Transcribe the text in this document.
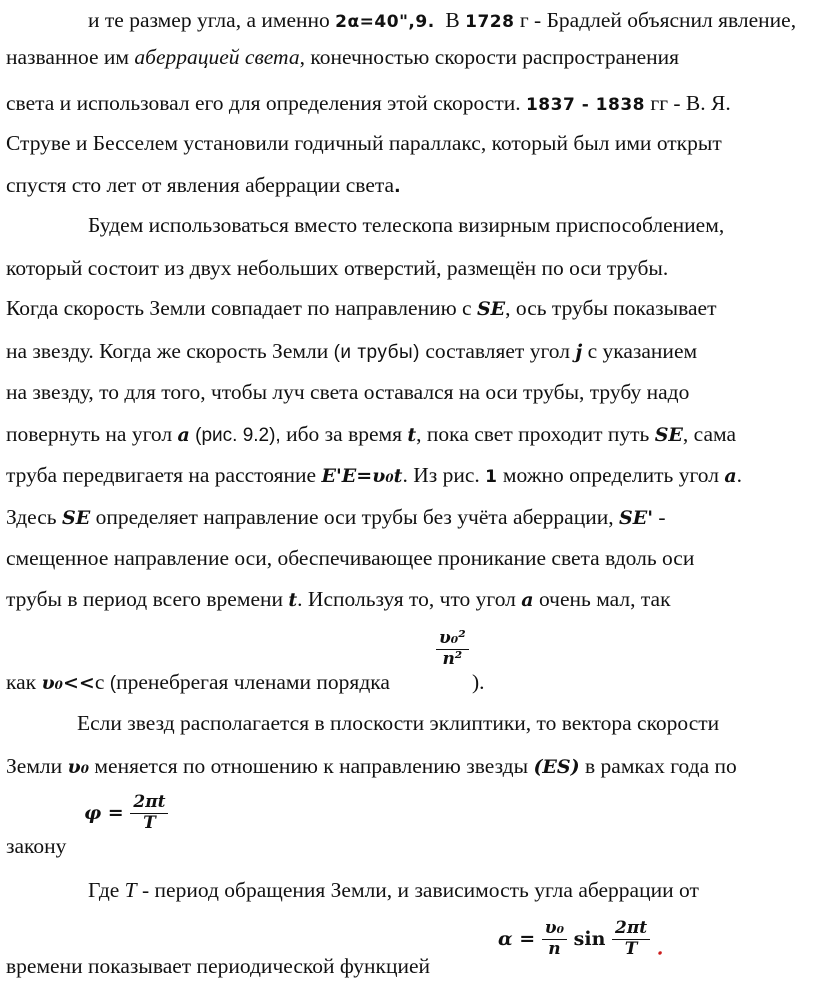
и те размер угла, а именно 2α=40",9. В 1728 г - Брадлей объяснил явление,
названное им аберрацией света, конечностью скорости распространения
света и использовал его для определения этой скорости. 1837 - 1838 гг - В. Я.
Струве и Бесселем установили годичный параллакс, который был ими открыт
спустя сто лет от явления аберрации света.
Будем использоваться вместо телескопа визирным приспособлением,
который состоит из двух небольших отверстий, размещён по оси трубы.
Когда скорость Земли совпадает по направлению с SE, ось трубы показывает
на звезду. Когда же скорость Земли (и трубы) составляет угол j с указанием
на звезду, то для того, чтобы луч света оставался на оси трубы, трубу надо
повернуть на угол a (рис. 9.2), ибо за время t, пока свет проходит путь SE, сама
труба передвигаетя на расстояние E'E=υ₀t. Из рис. 1 можно определить угол a.
Здесь SE определяет направление оси трубы без учёта аберрации, SE' -
смещенное направление оси, обеспечивающее проникание света вдоль оси
трубы в период всего времени t. Используя то, что угол a очень мал, так
как υ₀<<c (пренебрегая членами порядка
$\frac{\text{υ₀²}}{\text{n²}}$
).
Если звезд располагается в плоскости эклиптики, то вектора скорости
Земли υ₀ меняется по отношению к направлению звезды (ES) в рамках года по
закону
$\varphi = \frac{2\pi t}{T}$
Где T - период обращения Земли, и зависимость угла аберрации от
времени показывает периодической функцией
$\alpha = \frac{\text{υ₀}}{n}$ $\sin \frac{2\pi t}{T}$ .
